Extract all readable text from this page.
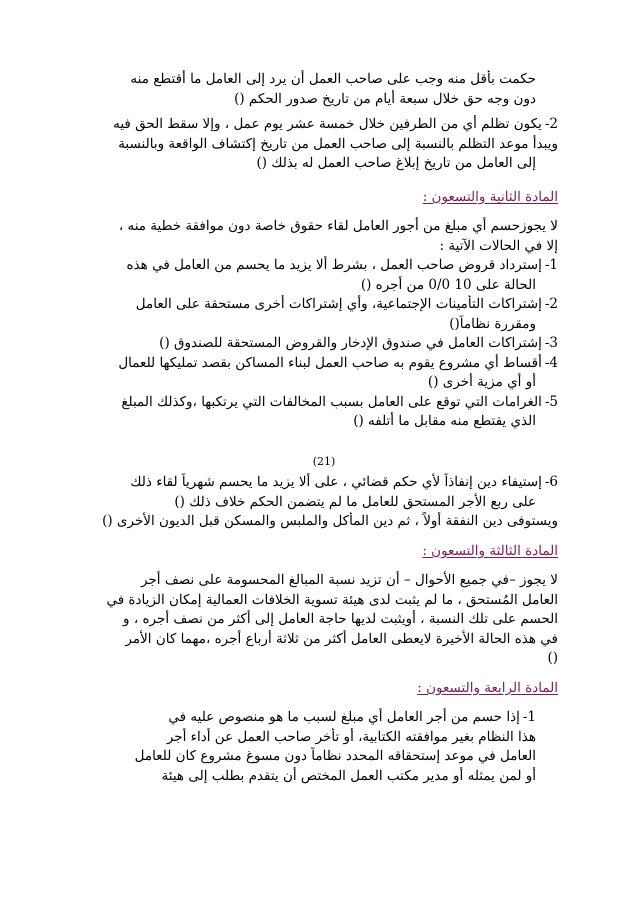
حكمت بأقل منه وجب على صاحب العمل أن يرد إلى العامل ما أقتطع منه
دون وجه حق خلال سبعة أيام من تاريخ صدور الحكم ()
2-يكون تظلم أي من الطرفين خلال خمسة عشر يوم عمل ، وإلا سقط الحق فيه
ويبدأ موعد التظلم بالنسبة إلى صاحب العمل من تاريخ إكتشاف الواقعة وبالنسبة
إلى العامل من تاريخ إبلاغ صاحب العمل له بذلك ()
المادة الثانية والتسعون :
لا يجوزحسم أي مبلغ من أجور العامل لقاء حقوق خاصة دون موافقة خطية منه ،
إلا في الحالات الآتية :
1-إسترداد قروض صاحب العمل ، بشرط ألا يزيد ما يحسم من العامل في هذه
الحالة على 10 0/0 من أجره ()
2-إشتراكات التأمينات الإجتماعية، وأي إشتراكات أخرى مستحقة على العامل
ومقررة نظاماً()
3-إشتراكات العامل في صندوق الإدخار والقروض المستحقة للصندوق ()
4-أقساط أي مشروع يقوم به صاحب العمل لبناء المساكن بقصد تمليكها للعمال
أو أي مزية أخرى ()
5-الغرامات التي توقع على العامل بسبب المخالفات التي يرتكبها ،وكذلك المبلغ
الذي يقتطع منه مقابل ما أتلفه ()
(21)
6-إستيفاء دين إنفاذاً لأي حكم قضائي ، على ألا يزيد ما يحسم شهرياً لقاء ذلك
على ربع الأجر المستحق للعامل ما لم يتضمن الحكم خلاف ذلك ()
ويستوفى دين النفقة أولاً ، ثم دين المأكل والملبس والمسكن قبل الديون الأخرى ()
المادة الثالثة والتسعون :
لا يجوز –في جميع الأحوال – أن تزيد نسبة المبالغ المحسومة على نصف أجر
العامل المُستحق ، ما لم يثبت لدى هيئة تسوية الخلافات العمالية إمكان الزيادة في
الحسم على تلك النسبة ، أويثبت لديها حاجة العامل إلى أكثر من نصف أجره ، و
في هذه الحالة الأخيرة لايعطى العامل أكثر من ثلاثة أرباع أجره ،مهما كان الأمر
()
المادة الرابعة والتسعون :
1-إذا حسم من أجر العامل أي مبلغ لسبب ما هو منصوص عليه في
هذا النظام بغير موافقته الكتابية، أو تأخر صاحب العمل عن أداء أجر
العامل في موعد إستحقاقه المحدد نظاماً دون مسوغ مشروع كان للعامل
أو لمن يمثله أو مدير مكتب العمل المختص أن يتقدم بطلب إلى هيئة
